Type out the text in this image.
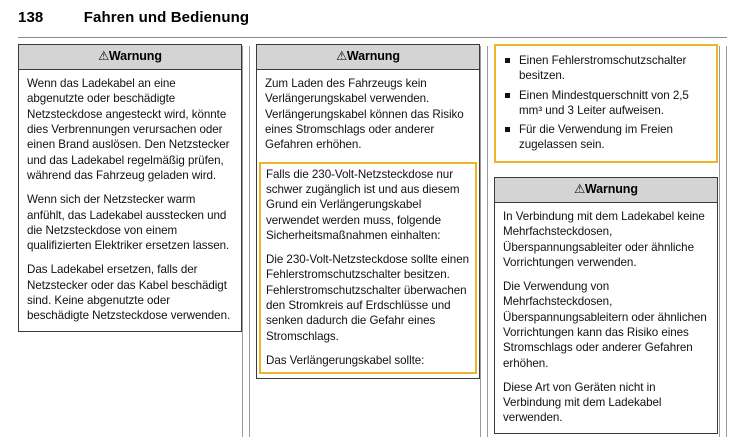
138	Fahren und Bedienung
⚠Warnung

Wenn das Ladekabel an eine abgenutzte oder beschädigte Netzsteckdose angesteckt wird, könnte dies Verbrennungen verursachen oder einen Brand auslösen. Den Netzstecker und das Ladekabel regelmäßig prüfen, während das Fahrzeug geladen wird.

Wenn sich der Netzstecker warm anfühlt, das Ladekabel ausstecken und die Netzsteckdose von einem qualifizierten Elektriker ersetzen lassen.

Das Ladekabel ersetzen, falls der Netzstecker oder das Kabel beschädigt sind. Keine abgenutzte oder beschädigte Netzsteckdose verwenden.

⚠Warnung

Zum Laden des Fahrzeugs kein Verlängerungskabel verwenden. Verlängerungskabel können das Risiko eines Stromschlags oder anderer Gefahren erhöhen.

Falls die 230-Volt-Netzsteckdose nur schwer zugänglich ist und aus diesem Grund ein Verlängerungskabel verwendet werden muss, folgende Sicherheitsmaßnahmen einhalten:

Die 230-Volt-Netzsteckdose sollte einen Fehlerstromschutzschalter besitzen. Fehlerstromschutzschalter überwachen den Stromkreis auf Erdschlüsse und senken dadurch die Gefahr eines Stromschlags.

Das Verlängerungskabel sollte:

Einen Fehlerstromschutzschalter besitzen.
Einen Mindestquerschnitt von 2,5 mm³ und 3 Leiter aufweisen.
Für die Verwendung im Freien zugelassen sein.
⚠Warnung

In Verbindung mit dem Ladekabel keine Mehrfachsteckdosen, Überspannungsableiter oder ähnliche Vorrichtungen verwenden.

Die Verwendung von Mehrfachsteckdosen, Überspannungsableitern oder ähnlichen Vorrichtungen kann das Risiko eines Stromschlags oder anderer Gefahren erhöhen.

Diese Art von Geräten nicht in Verbindung mit dem Ladekabel verwenden.
